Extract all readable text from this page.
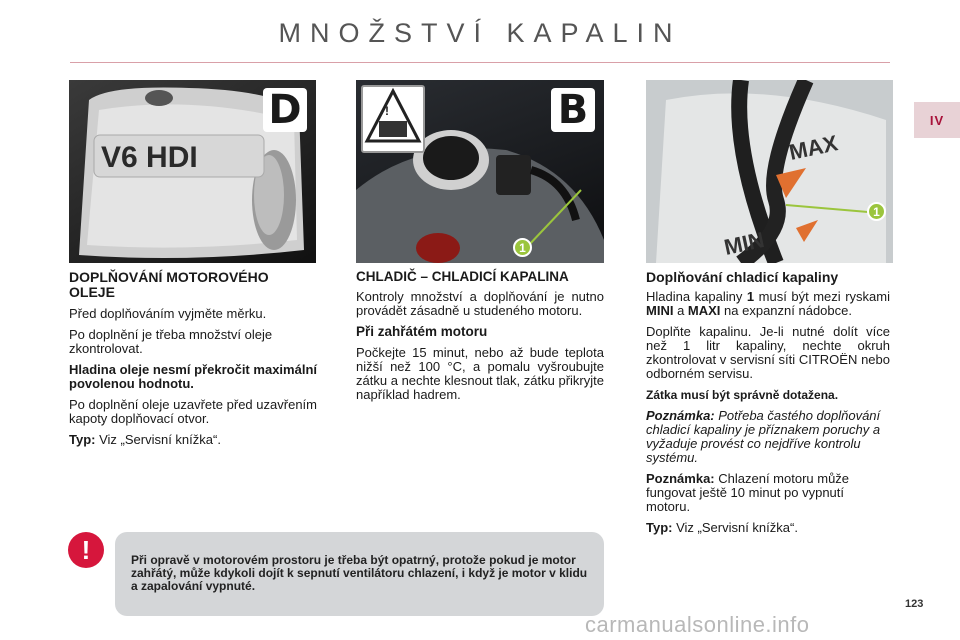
MNOŽSTVÍ KAPALIN
IV
V6 HDI
D	!	B
1
MAX
MIN
1
DOPLŇOVÁNÍ MOTOROVÉHO OLEJE

Před doplňováním vyjměte měrku.

Po doplnění je třeba množství oleje zkontrolovat.

Hladina oleje nesmí překročit maximální povolenou hodnotu.

Po doplnění oleje uzavřete před uzavřením kapoty doplňovací otvor.

Typ: Viz „Servisní knížka“.

CHLADIČ – CHLADICÍ KAPALINA

Kontroly množství a doplňování je nutno provádět zásadně u studeného motoru.

Při zahřátém motoru

Počkejte 15 minut, nebo až bude teplota nižší než 100 °C, a pomalu vyšroubujte zátku a nechte klesnout tlak, zátku přikryjte například hadrem.

Doplňování chladicí kapaliny

Hladina kapaliny 1 musí být mezi ryskami MINI a MAXI na expanzní nádobce.

Doplňte kapalinu. Je-li nutné dolít více než 1 litr kapaliny, nechte okruh zkontrolovat v servisní síti CITROËN nebo odborném servisu.

Zátka musí být správně dotažena.

Poznámka: Potřeba častého doplňování chladicí kapaliny je příznakem poruchy a vyžaduje provést co nejdříve kontrolu systému.

Poznámka: Chlazení motoru může fungovat ještě 10 minut po vypnutí motoru.

Typ: Viz „Servisní knížka“.

!	Při opravě v motorovém prostoru je třeba být opatrný, protože pokud je motor zahřátý, může kdykoli dojít k sepnutí ventilátoru chlazení, i když je motor v klidu a zapalování vypnuté.
123
carmanualsonline.info
